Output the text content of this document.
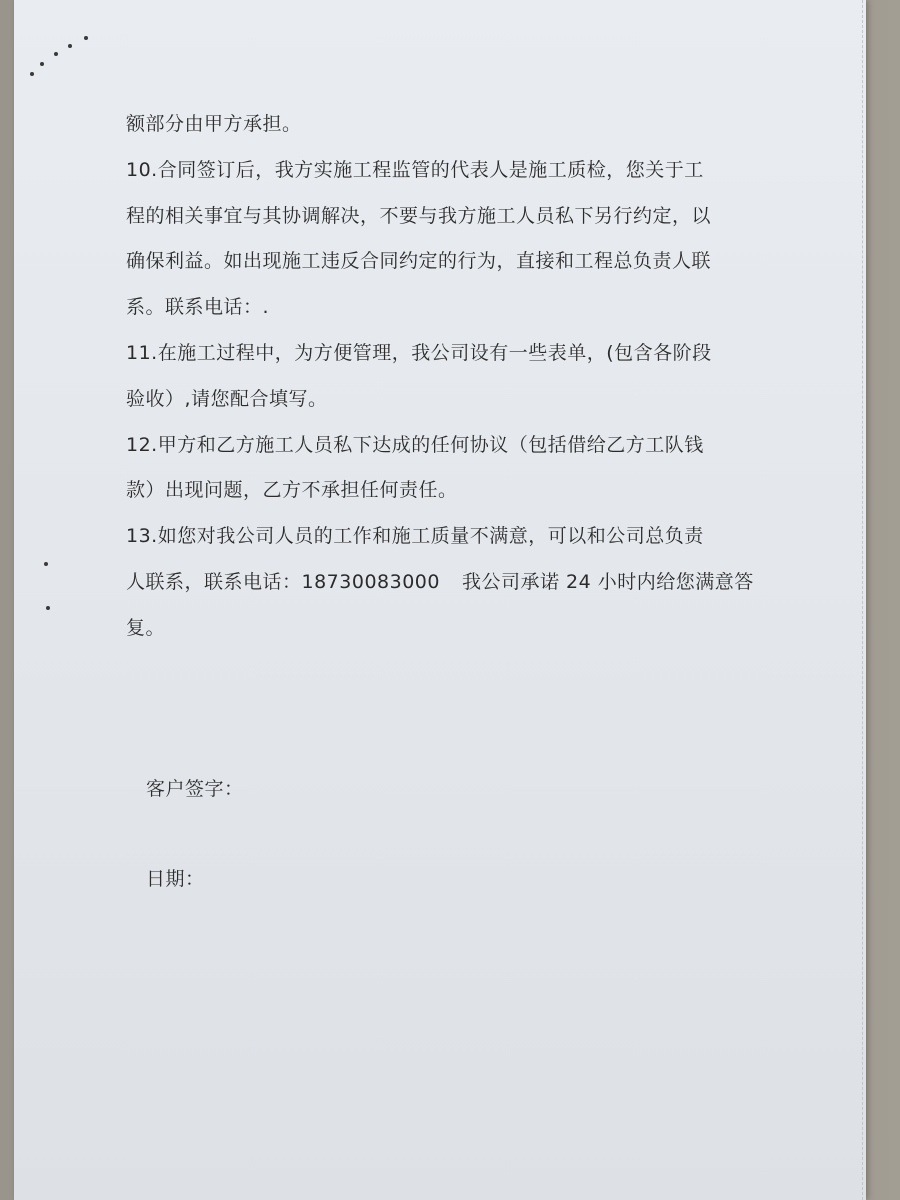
额部分由甲方承担。
10.合同签订后，我方实施工程监管的代表人是施工质检，您关于工
程的相关事宜与其协调解决，不要与我方施工人员私下另行约定，以
确保利益。如出现施工违反合同约定的行为，直接和工程总负责人联
系。联系电话：.
11.在施工过程中，为方便管理，我公司设有一些表单，(包含各阶段
验收）,请您配合填写。
12.甲方和乙方施工人员私下达成的任何协议（包括借给乙方工队钱
款）出现问题，乙方不承担任何责任。
13.如您对我公司人员的工作和施工质量不满意，可以和公司总负责
人联系，联系电话：18730083000 我公司承诺 24 小时内给您满意答
复。
客户签字：
日期：
